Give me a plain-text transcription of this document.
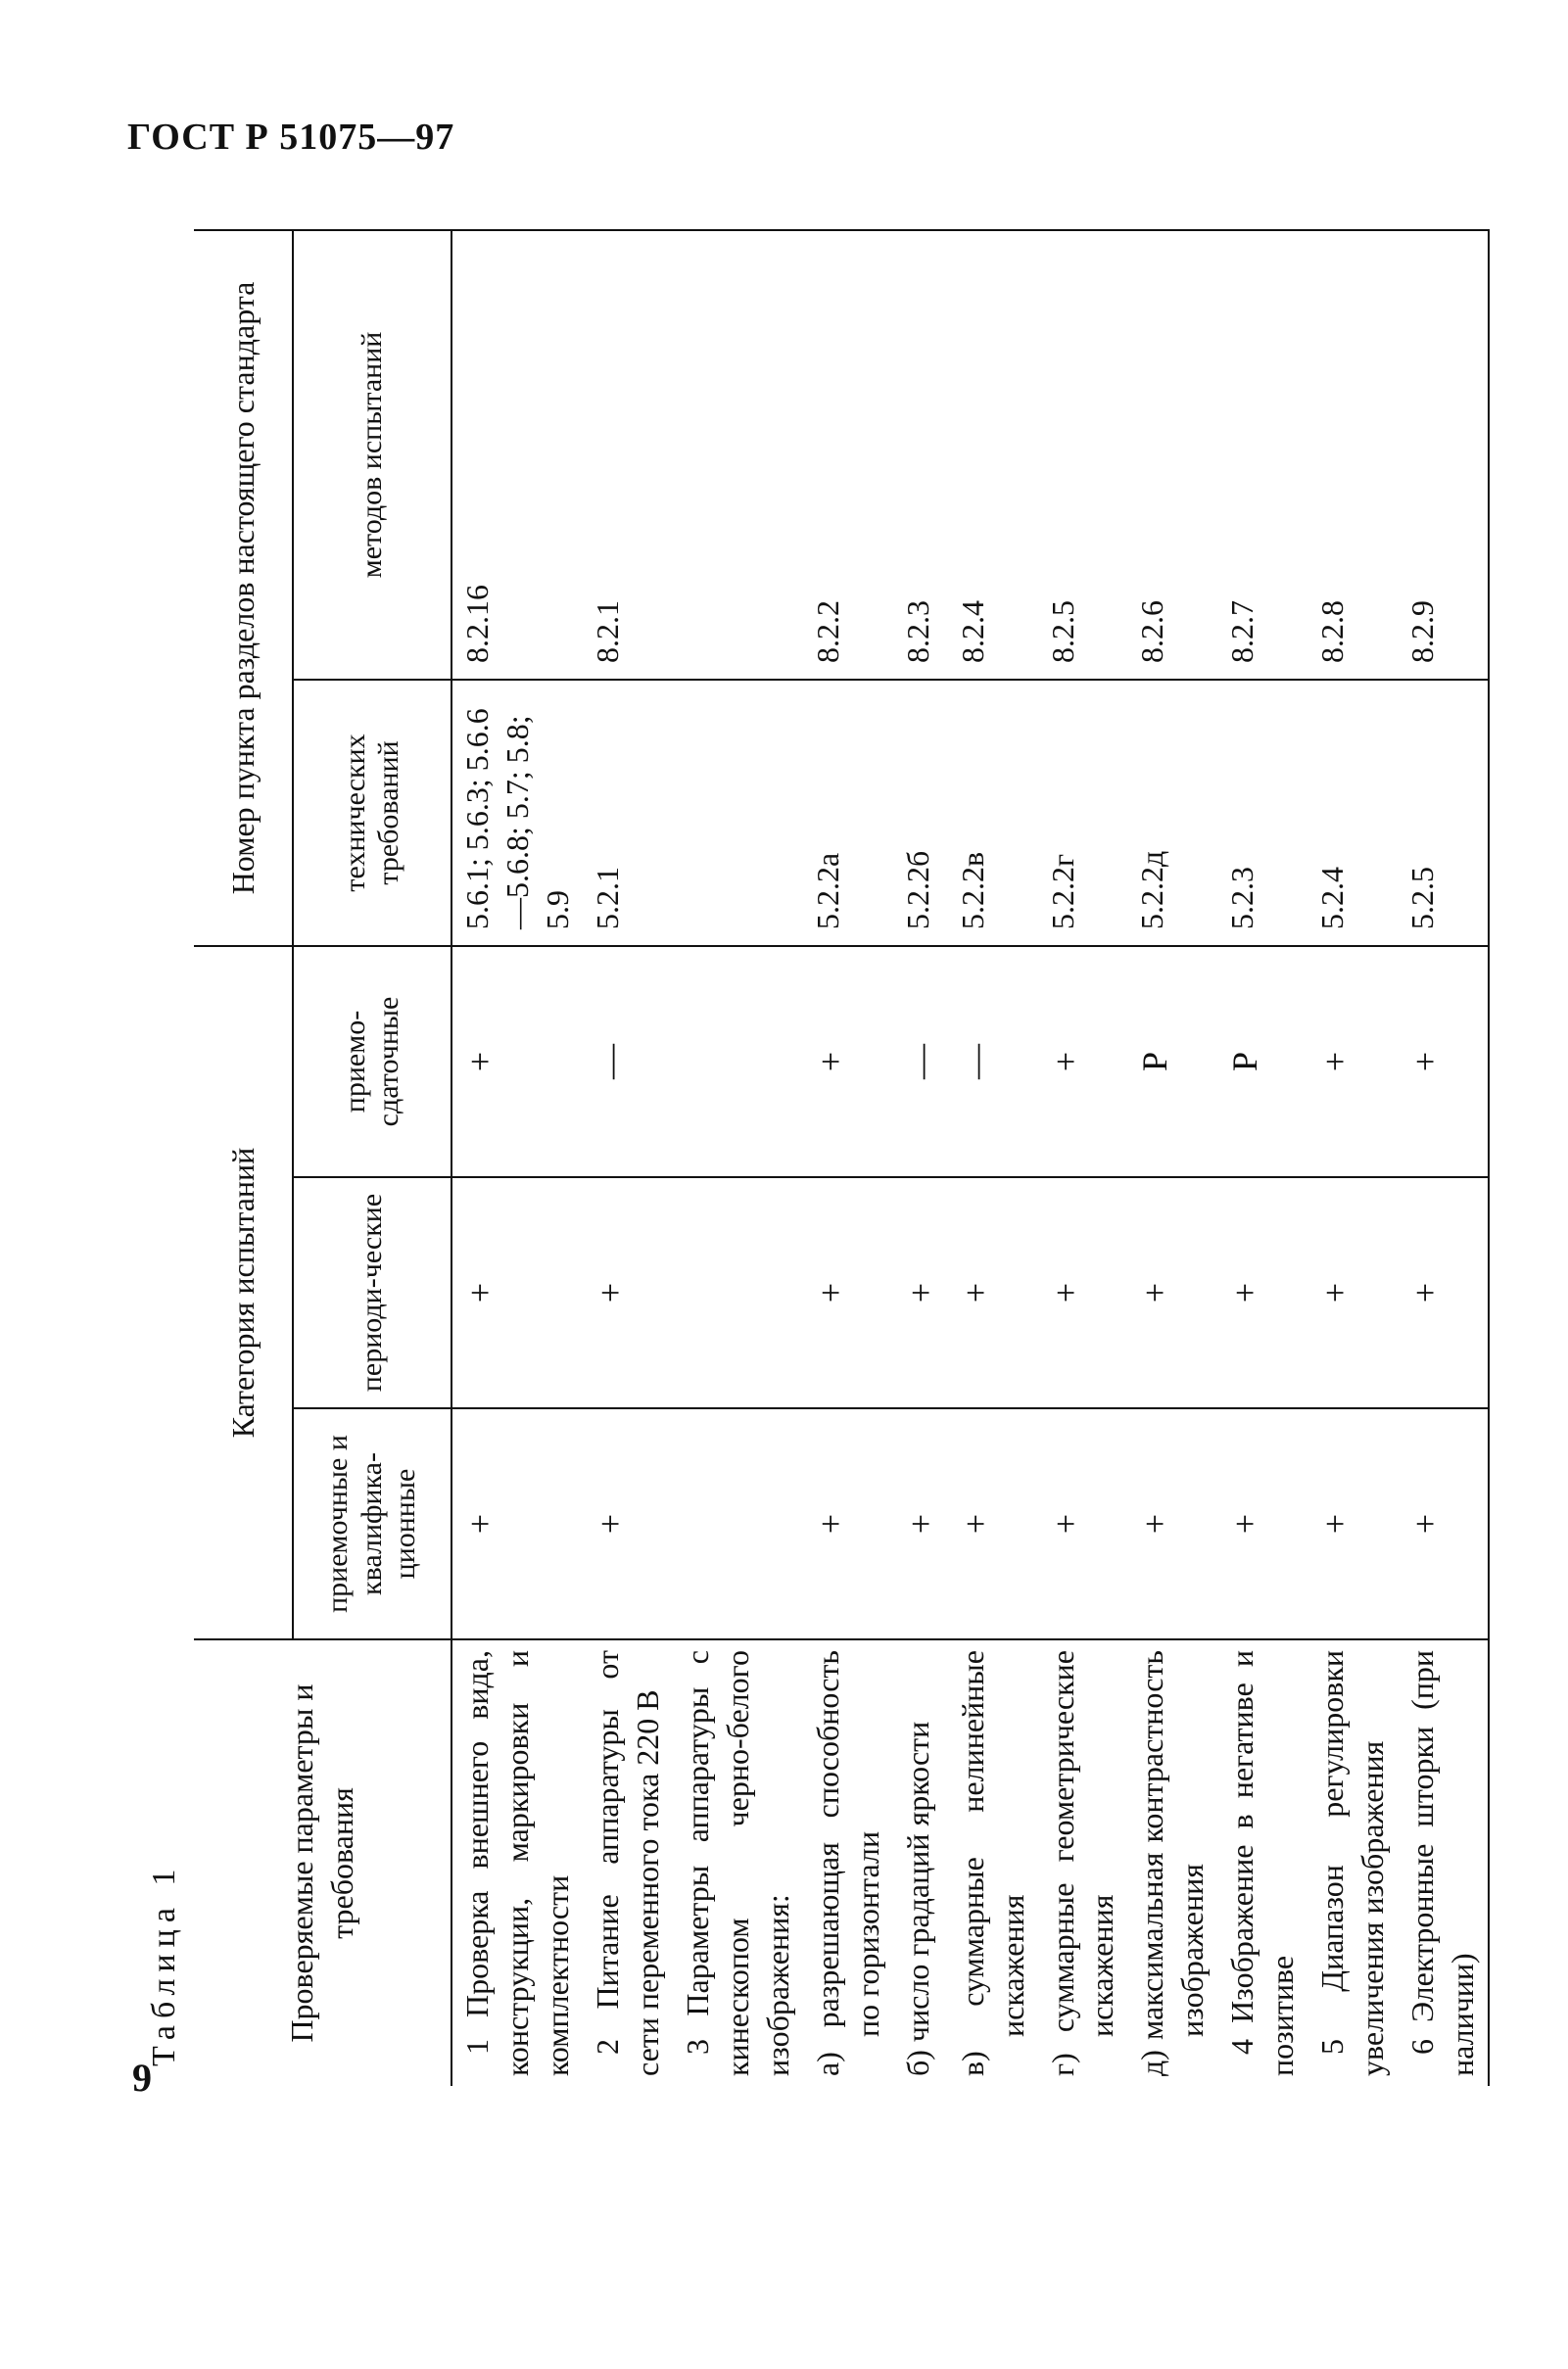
ГОСТ Р 51075—97
9
Таблица 1	Проверяемые параметры и требования	Категория испытаний			Номер пункта разделов настоящего стандарта	
	приемочные и квалифика-ционные	периоди-ческие	приемо-сдаточные	технических требований	методов испытаний
1 Проверка внешнего вида, конструкции, маркировки и комплектности	+	+	+	5.6.1; 5.6.3; 5.6.6—5.6.8; 5.7; 5.8; 5.9	8.2.16
2 Питание аппаратуры от сети переменного тока 220 В	+	+	—	5.2.1	8.2.1
3 Параметры аппаратуры с кинескопом черно-белого изображения:					
а) разрешающая способность по горизонтали	+	+	+	5.2.2а	8.2.2
б) число градаций яркости	+	+	—	5.2.2б	8.2.3
в) суммарные нелинейные искажения	+	+	—	5.2.2в	8.2.4
г) суммарные геометрические искажения	+	+	+	5.2.2г	8.2.5
д) максимальная контрастность изображения	+	+	Р	5.2.2д	8.2.6
4 Изображение в негативе и позитиве	+	+	Р	5.2.3	8.2.7
5 Диапазон регулировки увеличения изображения	+	+	+	5.2.4	8.2.8
6 Электронные шторки (при наличии)	+	+	+	5.2.5	8.2.9
